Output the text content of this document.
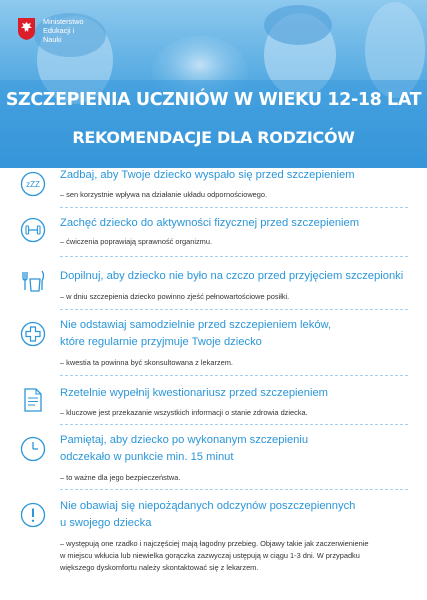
Ministerstwo Edukacji i Nauki
SZCZEPIENIA UCZNIÓW W WIEKU 12-18 LAT
REKOMENDACJE DLA RODZICÓW
zZZ
Zadbaj, aby Twoje dziecko wyspało się przed szczepieniem
– sen korzystnie wpływa na działanie układu odpornościowego.
Zachęć dziecko do aktywności fizycznej przed szczepieniem
– ćwiczenia poprawiają sprawność organizmu.
Dopilnuj, aby dziecko nie było na czczo przed przyjęciem szczepionki
– w dniu szczepienia dziecko powinno zjeść pełnowartościowe posiłki.
Nie odstawiaj samodzielnie przed szczepieniem leków,
które regularnie przyjmuje Twoje dziecko
– kwestia ta powinna być skonsultowana z lekarzem.
Rzetelnie wypełnij kwestionariusz przed szczepieniem
– kluczowe jest przekazanie wszystkich informacji o stanie zdrowia dziecka.
Pamiętaj, aby dziecko po wykonanym szczepieniu
odczekało w punkcie min. 15 minut
– to ważne dla jego bezpieczeństwa.
Nie obawiaj się niepożądanych odczynów poszczepiennych
u swojego dziecka
– występują one rzadko i najczęściej mają łagodny przebieg. Objawy takie jak zaczerwienienie
w miejscu wkłucia lub niewielka gorączka zazwyczaj ustępują w ciągu 1-3 dni. W przypadku
większego dyskomfortu należy skontaktować się z lekarzem.
